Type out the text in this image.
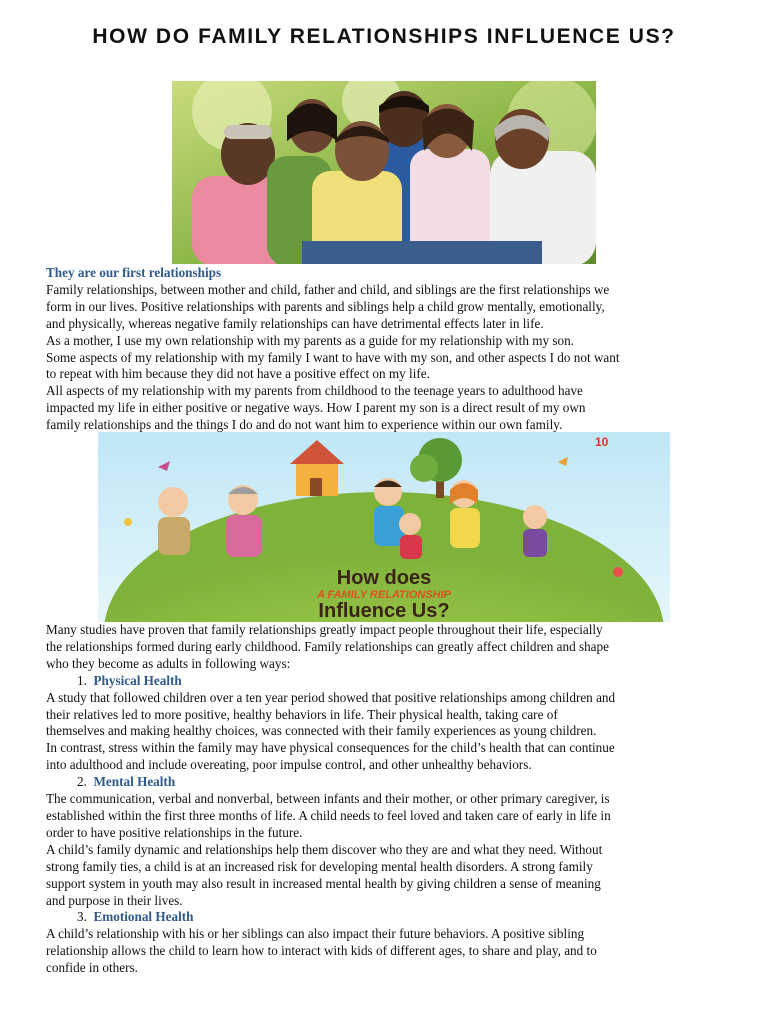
HOW DO FAMILY RELATIONSHIPS INFLUENCE US?

They are our first relationships

Family relationships, between mother and child, father and child, and siblings are the first relationships we

form in our lives. Positive relationships with parents and siblings help a child grow mentally, emotionally,

and physically, whereas negative family relationships can have detrimental effects later in life.

As a mother, I use my own relationship with my parents as a guide for my relationship with my son.

Some aspects of my relationship with my family I want to have with my son, and other aspects I do not want

to repeat with him because they did not have a positive effect on my life.

All aspects of my relationship with my parents from childhood to the teenage years to adulthood have

impacted my life in either positive or negative ways. How I parent my son is a direct result of my own

family relationships and the things I do and do not want him to experience within our own family.

10
How does
A FAMILY RELATIONSHIP
Influence Us?

Many studies have proven that family relationships greatly impact people throughout their life, especially

the relationships formed during early childhood. Family relationships can greatly affect children and shape

who they become as adults in following ways:

1. Physical Health

A study that followed children over a ten year period showed that positive relationships among children and

their relatives led to more positive, healthy behaviors in life. Their physical health, taking care of

themselves and making healthy choices, was connected with their family experiences as young children.

In contrast, stress within the family may have physical consequences for the child’s health that can continue

into adulthood and include overeating, poor impulse control, and other unhealthy behaviors.

2. Mental Health

The communication, verbal and nonverbal, between infants and their mother, or other primary caregiver, is

established within the first three months of life. A child needs to feel loved and taken care of early in life in

order to have positive relationships in the future.

A child’s family dynamic and relationships help them discover who they are and what they need. Without

strong family ties, a child is at an increased risk for developing mental health disorders. A strong family

support system in youth may also result in increased mental health by giving children a sense of meaning

and purpose in their lives.

3. Emotional Health

A child’s relationship with his or her siblings can also impact their future behaviors. A positive sibling

relationship allows the child to learn how to interact with kids of different ages, to share and play, and to

confide in others.
